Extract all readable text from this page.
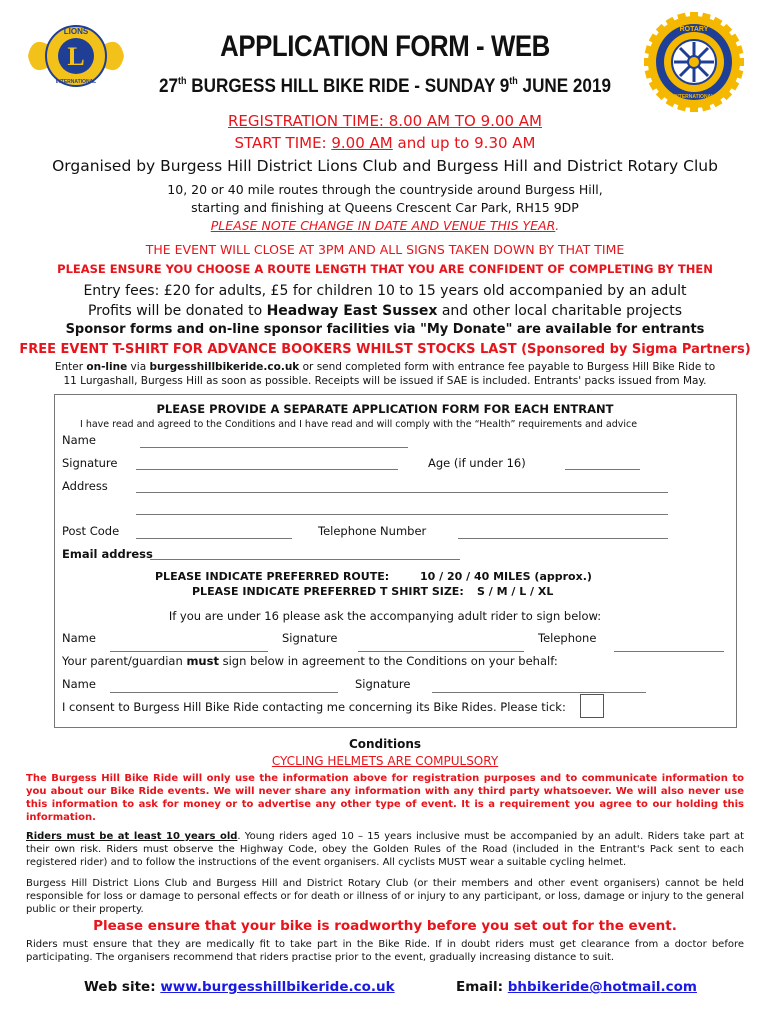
L
LIONS
INTERNATIONAL
ROTARY
INTERNATIONAL
APPLICATION FORM - WEB
27th BURGESS HILL BIKE RIDE - SUNDAY 9th JUNE 2019
REGISTRATION TIME: 8.00 AM TO 9.00 AM
START TIME: 9.00 AM and up to 9.30 AM
Organised by Burgess Hill District Lions Club and Burgess Hill and District Rotary Club
10, 20 or 40 mile routes through the countryside around Burgess Hill,
starting and finishing at Queens Crescent Car Park, RH15 9DP
PLEASE NOTE CHANGE IN DATE AND VENUE THIS YEAR.
THE EVENT WILL CLOSE AT 3PM AND ALL SIGNS TAKEN DOWN BY THAT TIME
PLEASE ENSURE YOU CHOOSE A ROUTE LENGTH THAT YOU ARE CONFIDENT OF COMPLETING BY THEN
Entry fees: £20 for adults, £5 for children 10 to 15 years old accompanied by an adult
Profits will be donated to Headway East Sussex and other local charitable projects
Sponsor forms and on-line sponsor facilities via "My Donate" are available for entrants
FREE EVENT T-SHIRT FOR ADVANCE BOOKERS WHILST STOCKS LAST (Sponsored by Sigma Partners)
Enter on-line via burgesshillbikeride.co.uk or send completed form with entrance fee payable to Burgess Hill Bike Ride to
11 Lurgashall, Burgess Hill as soon as possible. Receipts will be issued if SAE is included. Entrants' packs issued from May.
PLEASE PROVIDE A SEPARATE APPLICATION FORM FOR EACH ENTRANT
I have read and agreed to the Conditions and I have read and will comply with the “Health” requirements and advice
Name
Signature	Age (if under 16)
Address
Post Code	Telephone Number
Email address
PLEASE INDICATE PREFERRED ROUTE:	10 / 20 / 40 MILES (approx.)
PLEASE INDICATE PREFERRED T SHIRT SIZE: S / M / L / XL
If you are under 16 please ask the accompanying adult rider to sign below:
Name	Signature	Telephone
Your parent/guardian must sign below in agreement to the Conditions on your behalf:
Name	Signature
I consent to Burgess Hill Bike Ride contacting me concerning its Bike Rides. Please tick:
Conditions
CYCLING HELMETS ARE COMPULSORY
The Burgess Hill Bike Ride will only use the information above for registration purposes and to communicate information to you about our Bike Ride events. We will never share any information with any third party whatsoever. We will also never use this information to ask for money or to advertise any other type of event. It is a requirement you agree to our holding this information.
Riders must be at least 10 years old. Young riders aged 10 – 15 years inclusive must be accompanied by an adult. Riders take part at their own risk. Riders must observe the Highway Code, obey the Golden Rules of the Road (included in the Entrant's Pack sent to each registered rider) and to follow the instructions of the event organisers. All cyclists MUST wear a suitable cycling helmet.
Burgess Hill District Lions Club and Burgess Hill and District Rotary Club (or their members and other event organisers) cannot be held responsible for loss or damage to personal effects or for death or illness of or injury to any participant, or loss, damage or injury to the general public or their property.
Please ensure that your bike is roadworthy before you set out for the event.
Riders must ensure that they are medically fit to take part in the Bike Ride. If in doubt riders must get clearance from a doctor before participating. The organisers recommend that riders practise prior to the event, gradually increasing distance to suit.
Web site: www.burgesshillbikeride.co.uk	Email: bhbikeride@hotmail.com
